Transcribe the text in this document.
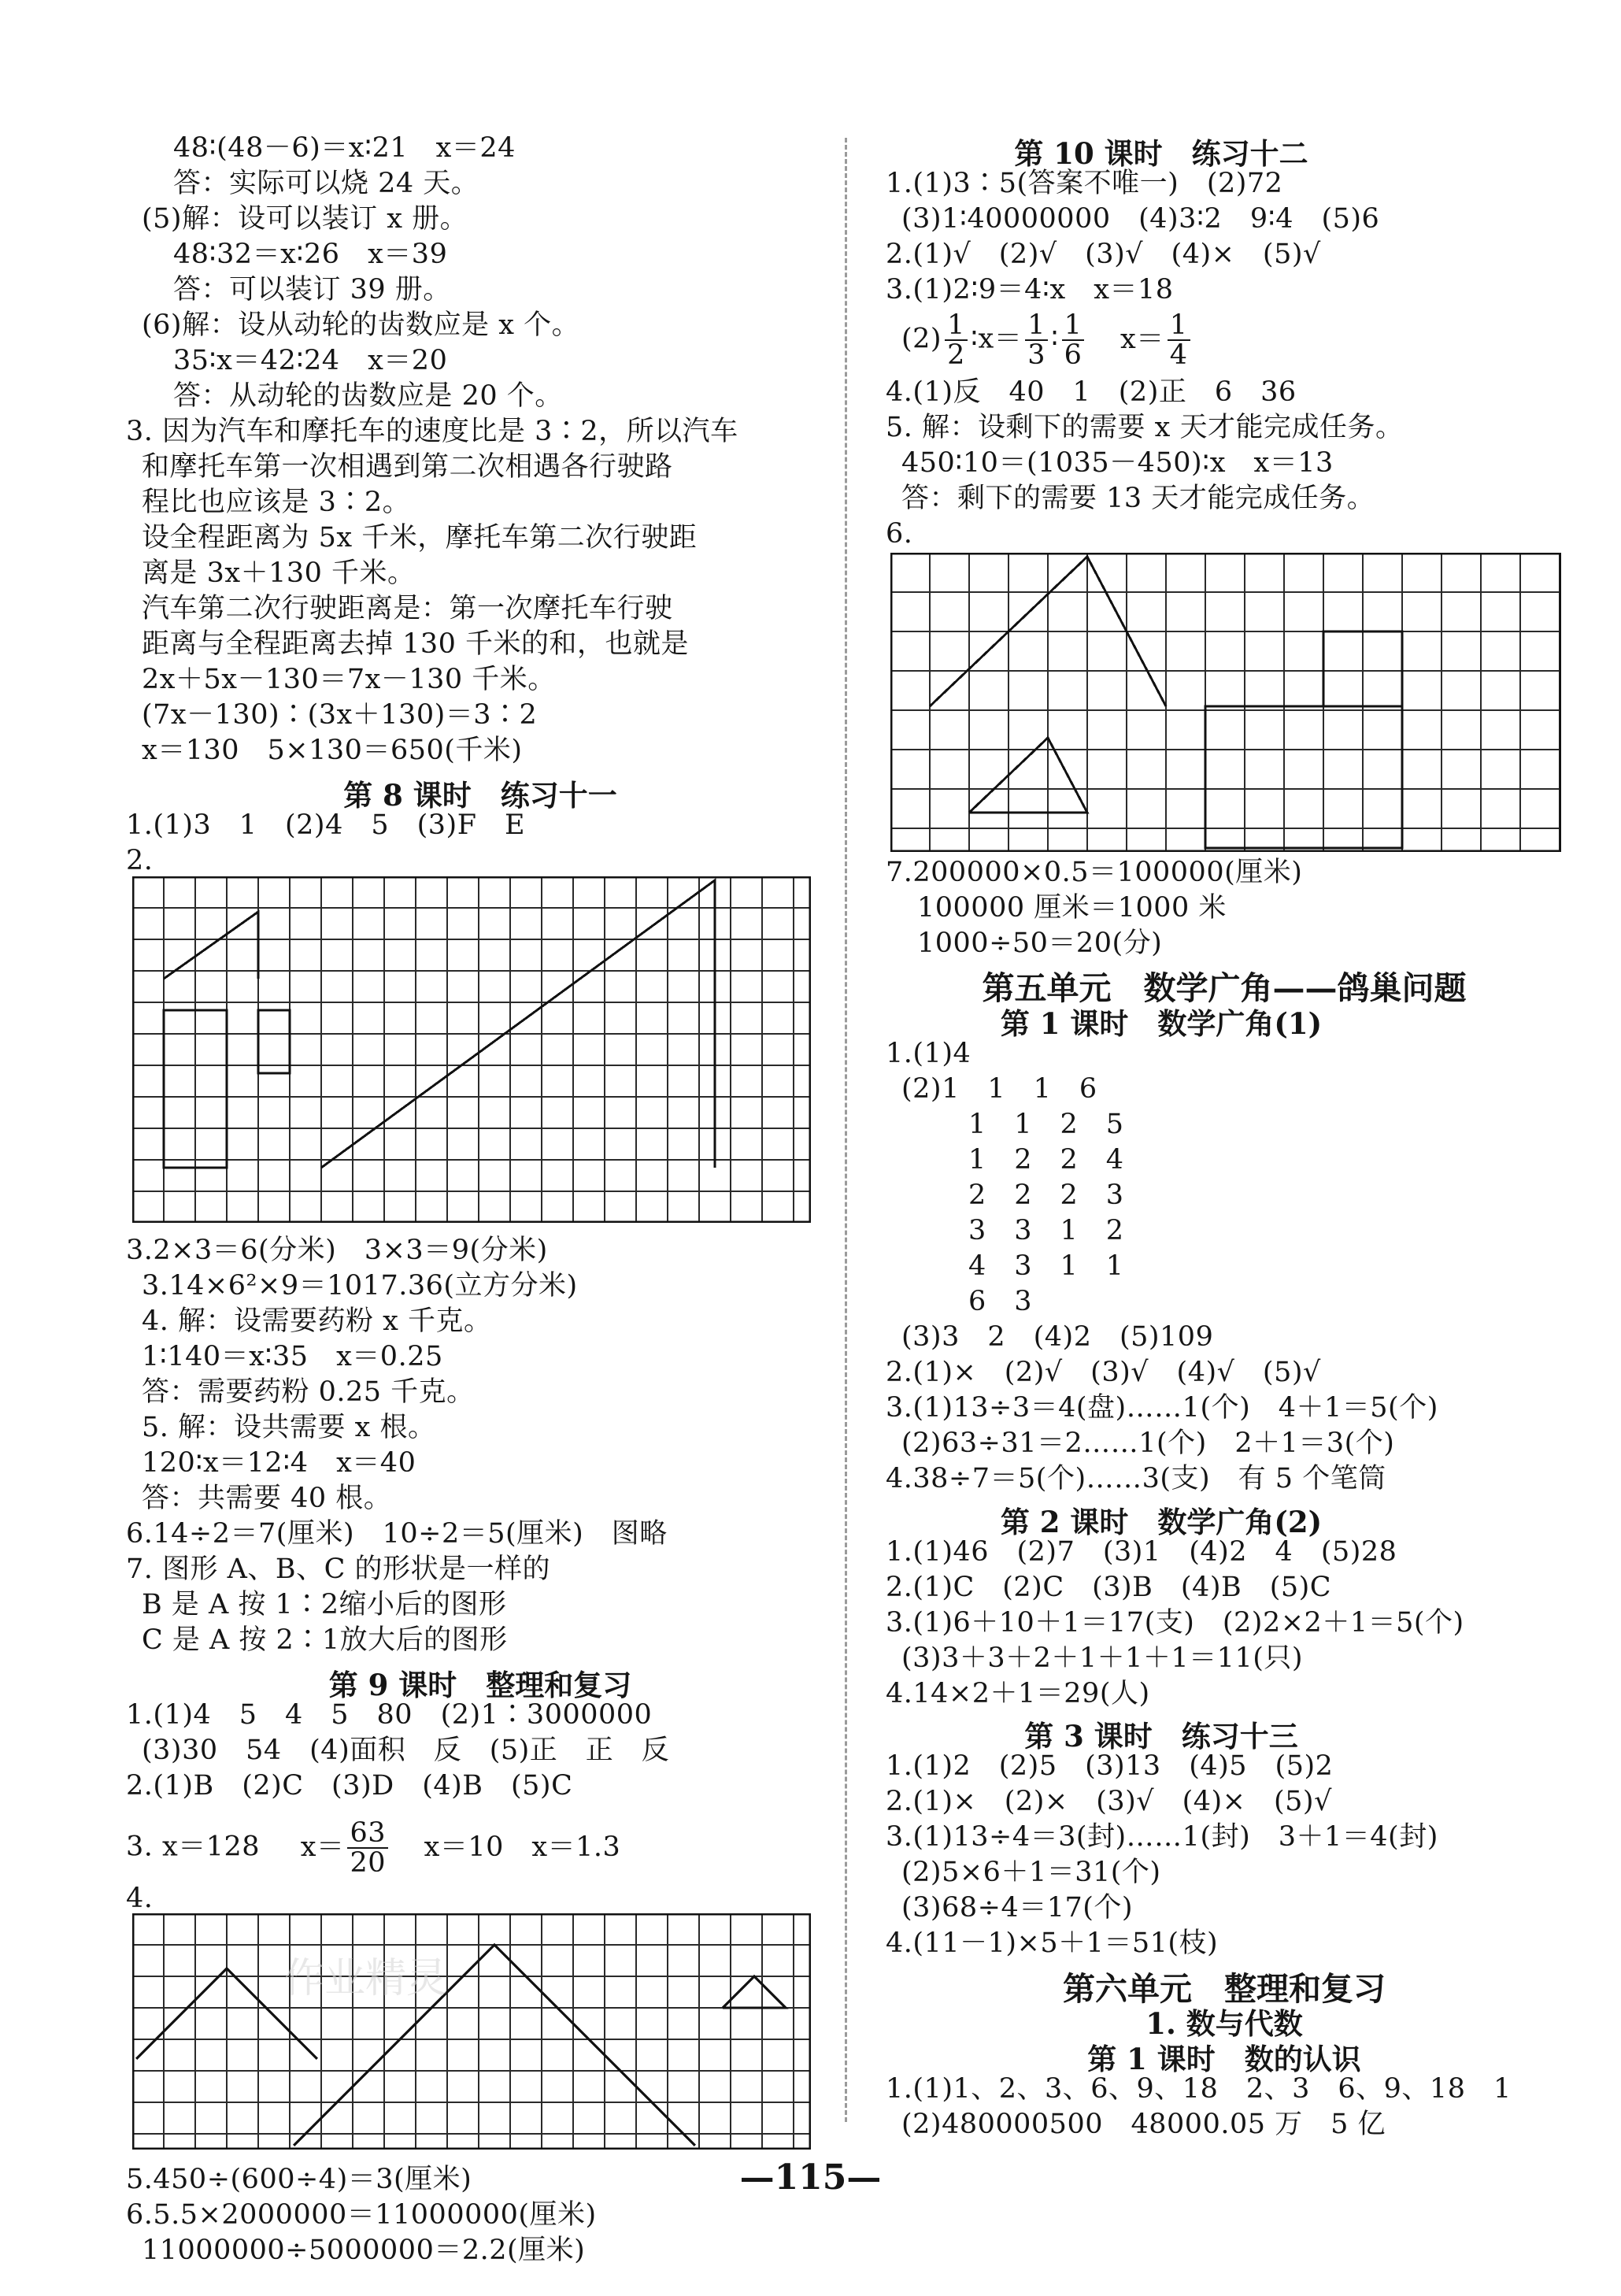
48∶(48－6)＝x∶21　x＝24
答：实际可以烧 24 天。
(5)解：设可以装订 x 册。
48∶32＝x∶26　x＝39
答：可以装订 39 册。
(6)解：设从动轮的齿数应是 x 个。
35∶x＝42∶24　x＝20
答：从动轮的齿数应是 20 个。
3. 因为汽车和摩托车的速度比是 3∶2，所以汽车
和摩托车第一次相遇到第二次相遇各行驶路
程比也应该是 3∶2。
设全程距离为 5x 千米，摩托车第二次行驶距
离是 3x＋130 千米。
汽车第二次行驶距离是：第一次摩托车行驶
距离与全程距离去掉 130 千米的和，也就是
2x＋5x－130＝7x－130 千米。
(7x－130)∶(3x＋130)＝3∶2
x＝130　5×130＝650(千米)
第 8 课时　练习十一
1.(1)3　1　(2)4　5　(3)F　E
2.
3.2×3＝6(分米)　3×3＝9(分米)
3.14×6²×9＝1017.36(立方分米)
4. 解：设需要药粉 x 千克。
1∶140＝x∶35　x＝0.25
答：需要药粉 0.25 千克。
5. 解：设共需要 x 根。
120∶x＝12∶4　x＝40
答：共需要 40 根。
6.14÷2＝7(厘米)　10÷2＝5(厘米)　图略
7. 图形 A、B、C 的形状是一样的
B 是 A 按 1∶2缩小后的图形
C 是 A 按 2∶1放大后的图形
第 9 课时　整理和复习
1.(1)4　5　4　5　80　(2)1∶3000000
(3)30　54　(4)面积　反　(5)正　正　反
2.(1)B　(2)C　(3)D　(4)B　(5)C
3. x＝128 $x= \frac{63}{20} x=10$　x＝1.3
4.
作业精灵
5.450÷(600÷4)＝3(厘米)
6.5.5×2000000＝11000000(厘米)
11000000÷5000000＝2.2(厘米)
第 10 课时　练习十二
1.(1)3∶5(答案不唯一)　(2)72
(3)1∶40000000　(4)3∶2　9∶4　(5)6
2.(1)√　(2)√　(3)√　(4)×　(5)√
3.(1)2∶9＝4∶x　x＝18
$(2) \frac{1}{2}$ ∶x＝ $\frac{1}{3}$ ∶ $\frac{1}{6} x= \frac{1}{4}$
4.(1)反　40　1　(2)正　6　36
5. 解：设剩下的需要 x 天才能完成任务。
450∶10＝(1035－450)∶x　x＝13
答：剩下的需要 13 天才能完成任务。
6.
7.200000×0.5＝100000(厘米)
100000 厘米＝1000 米
1000÷50＝20(分)
第五单元　数学广角——鸽巢问题
第 1 课时　数学广角(1)
1.(1)4
(2)1　1　1　6
1　1　2　5
1　2　2　4
2　2　2　3
3　3　1　2
4　3　1　1
6　3
(3)3　2　(4)2　(5)109
2.(1)×　(2)√　(3)√　(4)√　(5)√
3.(1)13÷3＝4(盘)……1(个)　4＋1＝5(个)
(2)63÷31＝2……1(个)　2＋1＝3(个)
4.38÷7＝5(个)……3(支)　有 5 个笔筒
第 2 课时　数学广角(2)
1.(1)46　(2)7　(3)1　(4)2　4　(5)28
2.(1)C　(2)C　(3)B　(4)B　(5)C
3.(1)6＋10＋1＝17(支)　(2)2×2＋1＝5(个)
(3)3＋3＋2＋1＋1＋1＝11(只)
4.14×2＋1＝29(人)
第 3 课时　练习十三
1.(1)2　(2)5　(3)13　(4)5　(5)2
2.(1)×　(2)×　(3)√　(4)×　(5)√
3.(1)13÷4＝3(封)……1(封)　3＋1＝4(封)
(2)5×6＋1＝31(个)
(3)68÷4＝17(个)
4.(11－1)×5＋1＝51(枝)
第六单元　整理和复习
1. 数与代数
第 1 课时　数的认识
1.(1)1、2、3、6、9、18　2、3　6、9、18　1
(2)480000500　48000.05 万　5 亿
—115—
